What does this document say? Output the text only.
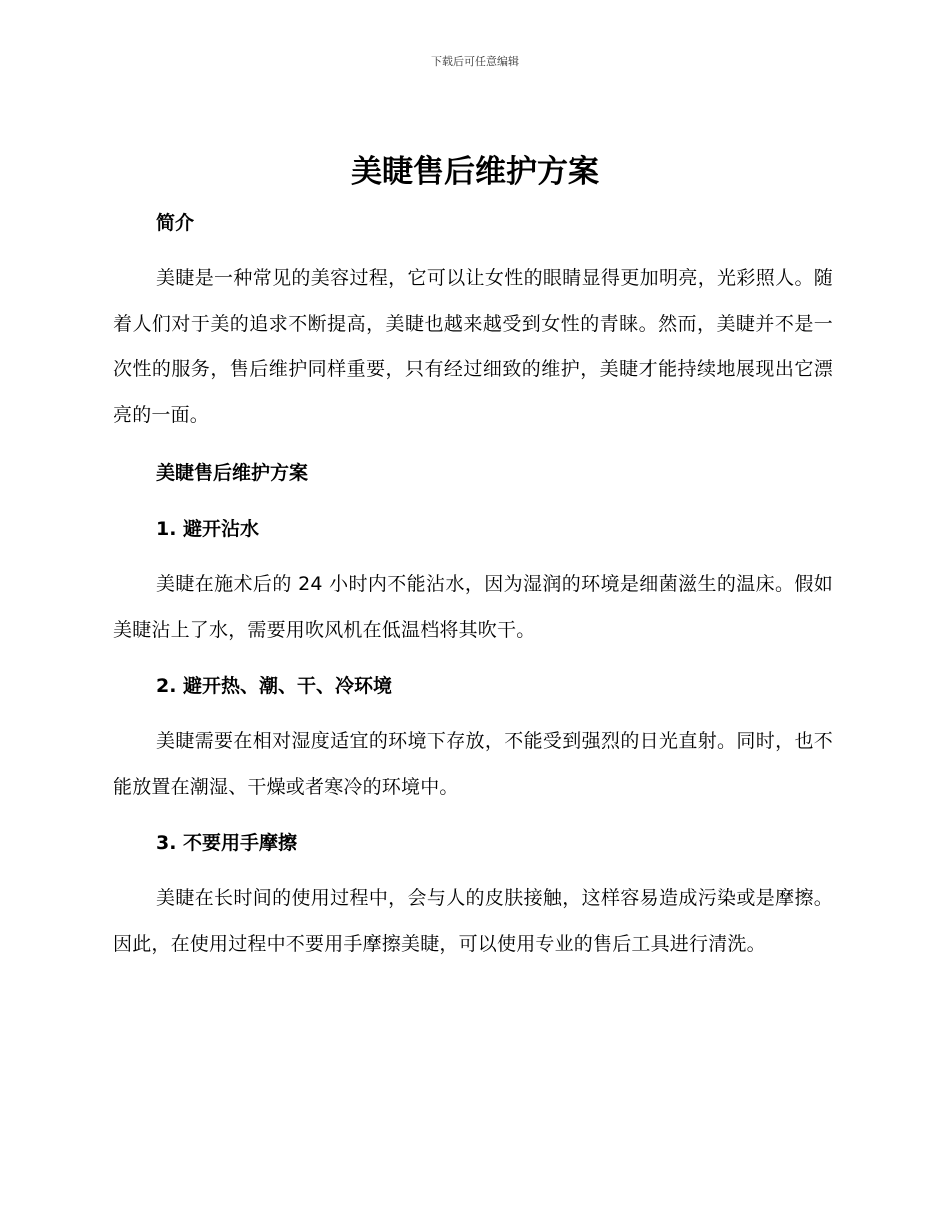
下载后可任意编辑
美睫售后维护方案
简介

美睫是一种常见的美容过程，它可以让女性的眼睛显得更加明亮，光彩照人。随着人们对于美的追求不断提高，美睫也越来越受到女性的青睐。然而，美睫并不是一次性的服务，售后维护同样重要，只有经过细致的维护，美睫才能持续地展现出它漂亮的一面。

美睫售后维护方案
1. 避开沾水

美睫在施术后的 24 小时内不能沾水，因为湿润的环境是细菌滋生的温床。假如美睫沾上了水，需要用吹风机在低温档将其吹干。

2. 避开热、潮、干、冷环境

美睫需要在相对湿度适宜的环境下存放，不能受到强烈的日光直射。同时，也不能放置在潮湿、干燥或者寒冷的环境中。

3. 不要用手摩擦

美睫在长时间的使用过程中，会与人的皮肤接触，这样容易造成污染或是摩擦。因此，在使用过程中不要用手摩擦美睫，可以使用专业的售后工具进行清洗。
